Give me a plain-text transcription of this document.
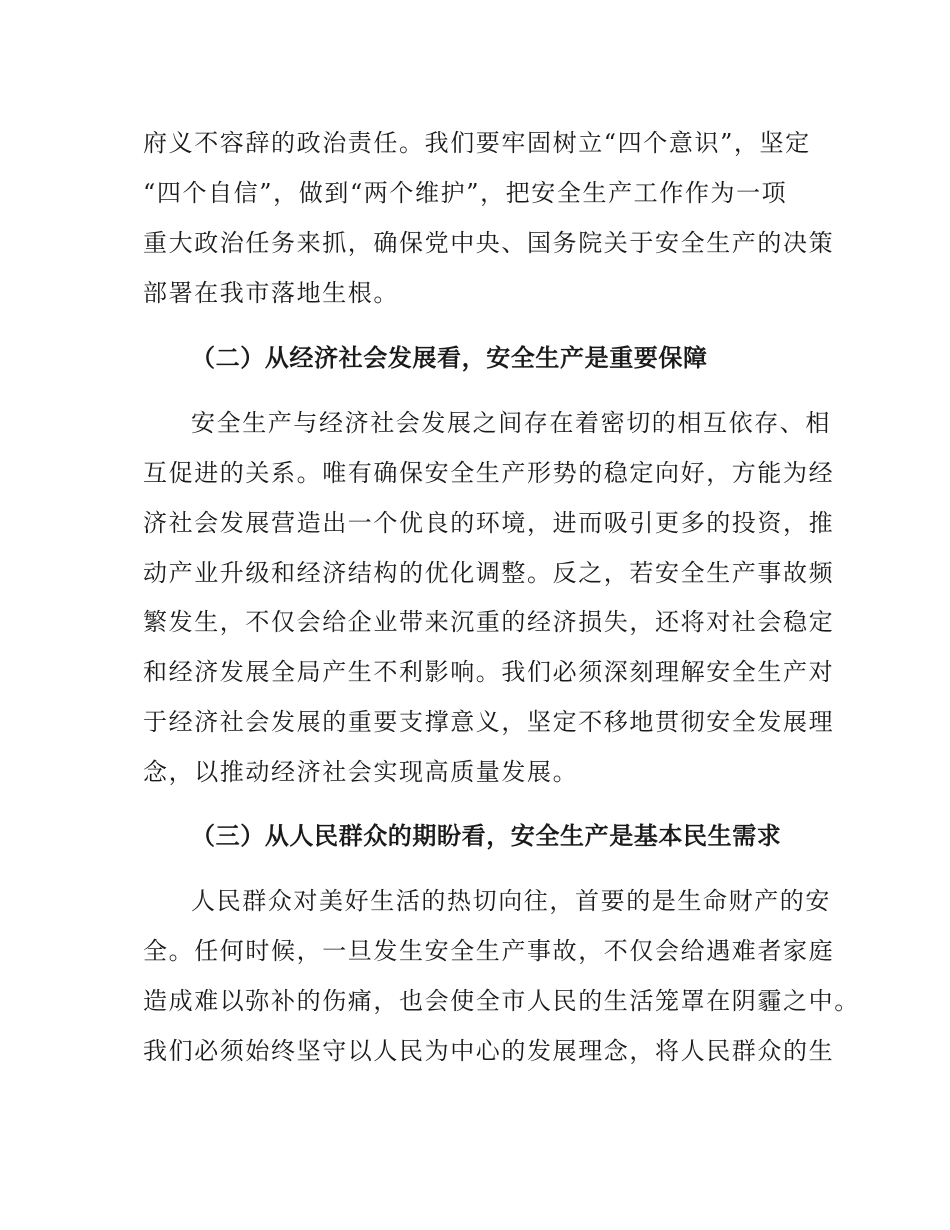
府义不容辞的政治责任。我们要牢固树立“四个意识”，坚定
“四个自信”，做到“两个维护”，把安全生产工作作为一项
重大政治任务来抓，确保党中央、国务院关于安全生产的决策
部署在我市落地生根。
（二）从经济社会发展看，安全生产是重要保障
安全生产与经济社会发展之间存在着密切的相互依存、相
互促进的关系。唯有确保安全生产形势的稳定向好，方能为经
济社会发展营造出一个优良的环境，进而吸引更多的投资，推
动产业升级和经济结构的优化调整。反之，若安全生产事故频
繁发生，不仅会给企业带来沉重的经济损失，还将对社会稳定
和经济发展全局产生不利影响。我们必须深刻理解安全生产对
于经济社会发展的重要支撑意义，坚定不移地贯彻安全发展理
念，以推动经济社会实现高质量发展。
（三）从人民群众的期盼看，安全生产是基本民生需求
人民群众对美好生活的热切向往，首要的是生命财产的安
全。任何时候，一旦发生安全生产事故，不仅会给遇难者家庭
造成难以弥补的伤痛，也会使全市人民的生活笼罩在阴霾之中。
我们必须始终坚守以人民为中心的发展理念，将人民群众的生
